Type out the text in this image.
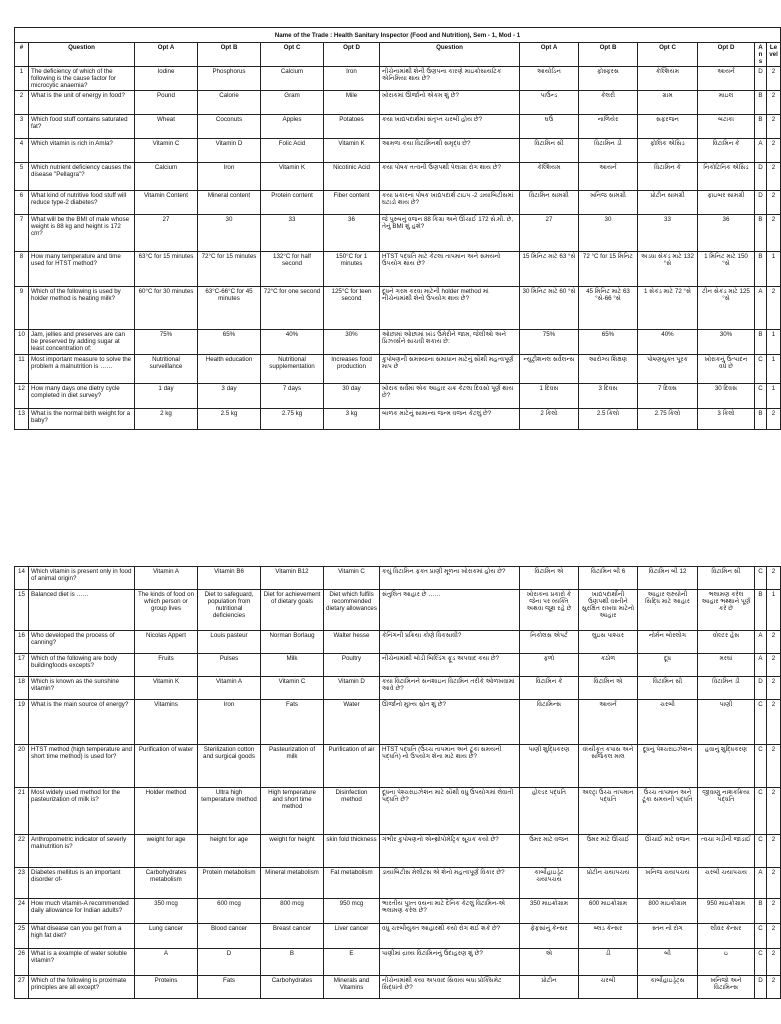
Name of the Trade : Health Sanitary Inspector (Food and Nutrition), Sem - 1, Mod - 1												
#	Question	Opt A	Opt B	Opt C	Opt D	Question	Opt A	Opt B	Opt C	Opt D	Ans	Level
1	The deficiency of which of the following is the cause factor for microcytic anaemia?	Iodine	Phosphorus	Calcium	Iron	નીચેનામાંથી શેની ઉણપના કારણે માઇક્રોસાયટિક એનિમિયા થાય છે?	આયોડિન	ફોસ્ફરસ	કેલ્શિયમ	આયર્ન	D	2
2	What is the unit of energy in food?	Pound	Calorie	Gram	Mile	ખોરાકમાં ઊર્જાનો એકમ શું છે?	પાઉન્ડ	કેલરી	ગ્રામ	માઇલ	B	2
3	Which food stuff contains saturated fat?	Wheat	Coconuts	Apples	Potatoes	કયા ખાદ્યપદાર્થમાં સંતૃપ્ત ચરબી હોય છે?	ઘઉં	નાળિયેર	સફરજન	બટાકા	B	2
4	Which vitamin is rich in Amla?	Vitamin C	Vitamin D	Folic Acid	Vitamin K	આમળા કયા વિટામિનથી સમૃદ્ધ છે?	વિટામિન સી	વિટામિન ડી	ફોલિક એસિડ	વિટામિન કે	A	2
5	Which nutrient deficiency causes the disease "Pellagra"?	Calcium	Iron	Vitamin K	Nicotinic Acid	કયા પોષક તત્વની ઉણપથી પેલાગ્રા રોગ થાય છે?	કેલ્શિયમ	આયર્ન	વિટામિન કે	નિકોટિનિક એસિડ	D	2
6	What kind of nutritive food stuff will reduce type-2 diabetes?	Vitamin Content	Mineral content	Protein content	Fiber content	કયા પ્રકારના પોષક ખાદ્યપદાર્થ ટાઇપ -2 ડાયાબિટીસમાં ઘટાડો થાય છે?	વિટામિન સામગ્રી	ખનિજ સામગ્રી	પ્રોટીન સામગ્રી	ફાઇબર સામગ્રી	D	2
7	What will be the BMI of male whose weight is 88 kg and height is 172 cm?	27	30	33	36	જે પુરુષનું વજન 88 કિગ્રા અને ઊંચાઈ 172 સે.મી. છે, તેનું BMI શું હશે?	27	30	33	36	B	2
8	How many temperature and time used for HTST method?	63°C for 15 minutes	72°C for 15 minutes	132°C for half second	150°C for 1 minutes	HTST પદ્ધતિ માટે કેટલા તાપમાન અને સમયનો ઉપયોગ થાય છે?	15 મિનિટ માટે 63 °સે	72 °C for 15 મિનિટ	અડધા સેકંડ માટે 132 °સે	1 મિનિટ માટે 150 °સે	B	1
9	Which of the following is used by holder method is heating milk?	60°C for 30 minutes	63°C-66°C for 45 minutes	72°C for one second	125°C for teen second	દૂધને ગરમ કરવા માટેની holder method માં નીચેનામાંથી શેનો ઉપયોગ થાય છે?	30 મિનિટ માટે 60 °સે	45 મિનિટ માટે 63 °સે-66 °સે	1 સેકંડ માટે 72 °સે	ટીન સેકંડ માટે 125 °સે	A	2
10	Jam, jellies and preserves are can be preserved by adding sugar at least concentration of:	75%	65%	40%	30%	ઓછામાં ઓછામાં ખાંડ ઉમેરીને જામ, જેલીઓ અને પ્રિઝર્વ્સને સાચવી શકાય છે:	75%	65%	40%	30%	B	1
11	Most important measure to solve the problem a malnutrition is ……	Nutritional surveillance	Health education	Nutritional supplementation	Increases food production	કુપોષણની સમસ્યાના સમાધાન માટેનું સૌથી મહત્વપૂર્ણ માપ છે	ન્યુટ્રીશનલ સર્વેલન્સ	આરોગ્ય શિક્ષણ	પોષણયુક્ત પૂરક	ખોરાકનું ઉત્પાદન વધે છે	C	1
12	How many days one dietry cycle completed in diet survey?	1 day	3 day	7 days	30 day	ખોરાક સર્વેમાં એક આહાર ચક્ર કેટલા દિવસો પૂર્ણ થાય છે?	1 દિવસ	3 દિવસ	7 દિવસ	30 દિવસ	C	1
13	What is the normal birth weight for a baby?	2 kg	2.5 kg	2.75 kg	3 kg	બાળક માટેનું સામાન્ય જન્મ વજન કેટલું છે?	2 કિલો	2.5 કિલો	2.75 કિલો	3 કિલો	B	2
14	Which vitamin is present only in food of animal origin?	Vitamin A	Vitamin B6	Vitamin B12	Vitamin C	કયું વિટામિન ફક્ત પ્રાણી મૂળના ખોરાકમાં હોય છે?	વિટામિન એ	વિટામિન બી 6	વિટામિન બી 12	વિટામિન સી	C	2
15	Balanced diet is ……	The kinds of food on which person or group lives	Diet to safeguard, population from nutritional deficiencies	Diet for achievement of dietary goals	Diet which fulfils recommended dietary allowances	સંતુલિત આહાર છે ……	ખોરાકના પ્રકારો કે જેના પર વ્યક્તિ અથવા જૂથ રહે છે	ખાદ્યપદાર્થોની ઉણપથી વસ્તીને સુરક્ષિત રાખવા માટેનો આહાર	આહાર લક્ષ્યોની સિદ્ધિ માટે આહાર	ભલામણ કરેલ આહાર ભથ્થાને પૂર્ણ કરે છે	B	1
16	Who developed the process of canning?	Nicolas Appert	Louis pasteur	Norman Borlaug	Walter hesse	કેનિંગની પ્રક્રિયા કોણે વિકસાવી?	નિકોલસ એપર્ટ	લુઇસ પાશ્ચર	નોર્મન બોરલોગ	વોલ્ટર હેસ	A	2
17	Which of the following are body buildingfoods excepts?	Fruits	Pulses	Milk	Poultry	નીચેનામાંથી બોડી બિલ્ડિંગ ફૂડ અપવાદ કયા છે?	ફળો	કઠોળ	દૂધ	મરઘાં	A	2
18	Which is known as the sunshine vitamin?	Vitamin K	Vitamin A	Vitamin C	Vitamin D	કયા વિટામિનને સનશાઇન વિટામિન તરીકે ઓળખવામાં આવે છે?	વિટામિન કે	વિટામિન એ	વિટામિન સી	વિટામિન ડી	D	2
19	What is the main source of energy?	Vitamins	Iron	Fats	Water	ઊર્જાનો મુખ્ય સ્રોત શું છે?	વિટામિન્સ	આયર્ન	ચરબી	પાણી	C	2
20	HTST method (high temperature and short time method) is used for?	Purification of water	Sterilization cotton and surgical goods	Pasteurization of milk	Purification of air	HTST પદ્ધતિ (ઉચ્ચ તાપમાન અને ટૂંકા સમયની પદ્ધતિ) નો ઉપયોગ શેના માટે થાય છે?	પાણી શુદ્ધિકરણ	વંધ્યીકૃત કપાસ અને સર્જિકલ માલ	દૂધનું પેશ્ચરાઇઝેશન	હવાનું શુદ્ધિકરણ	C	2
21	Most widely used method for the pasteurization of milk is?	Holder method	Ultra high temperature method	High temperature and short time method	Disinfection method	દૂધના પેશ્ચરાઇઝેશન માટે સૌથી વધુ ઉપયોગમાં લેવાતી પદ્ધતિ છે?	હોલ્ડર પદ્ધતિ	અલ્ટ્રા ઉચ્ચ તાપમાન પદ્ધતિ	ઉચ્ચ તાપમાન અને ટૂંકા સમયની પદ્ધતિ	જીવાણુ નાશકક્રિયા પદ્ધતિ	C	2
22	Anthropometric indicator of severly malnutrition is?	weight for age	height for age	weight for height	skin fold thickness	ગંભીર કુપોષણનો એન્થ્રોપોમેટ્રિક સૂચક કયો છે?	ઉંમર માટે વજન	ઉંમર માટે ઊંચાઈ	ઊંચાઈ માટે વજન	ત્વચા ગડીની જાડાઈ	C	2
23	Diabetes mellitus is an important disorder of-	Carbohydrates metabolism	Protein metabolism	Mineral metabolism	Fat metabolism	ડાયાબિટીસ મેલીટસ એ શેનો મહત્વપૂર્ણ વિકાર છે?	કાર્બોહાઇડ્રેટ ચયાપચય	પ્રોટીન ચયાપચય	ખનિજ ચયાપચય	ચરબી ચયાપચય	A	2
24	How much vitamin-A recommended daily allowance for Indian adults?	350 mcg	600 mcg	800 mcg	950 mcg	ભારતીય પુખ્ત વયના માટે દૈનિક કેટલું વિટામિન-એ ભલામણ કરેલ છે?	350 માઇક્રોગ્રામ	600 માઇક્રોગ્રામ	800 માઇક્રોગ્રામ	950 માઇક્રોગ્રામ	B	2
25	What disease can you get from a high fat diet?	Lung cancer	Blood cancer	Breast cancer	Liver cancer	વધુ ચરબીયુક્ત આહારથી કયો રોગ થઈ શકે છે?	ફેફસાંનું કેન્સર	બ્લડ કેન્સર	સ્તન નો રોગ	લીવર કેન્સર	C	2
26	What is a example of water soluble vitamin?	A	D	B	E	પાણીમાં દ્રાવ્ય વિટામિનનું ઉદાહરણ શું છે?	એ	ડી	બી	ઇ	C	2
27	Which of the following is proximate principles are all except?	Proteins	Fats	Carbohydrates	Minerals and Vitamins	નીચેનામાંથી કયા અપવાદ સિવાય બધા પ્રોક્સિમેટ સિદ્ધાંતો છે?	પ્રોટીન	ચરબી	કાર્બોહાઇડ્રેટ્સ	ખનિજો અને વિટામિન્સ	D	2
